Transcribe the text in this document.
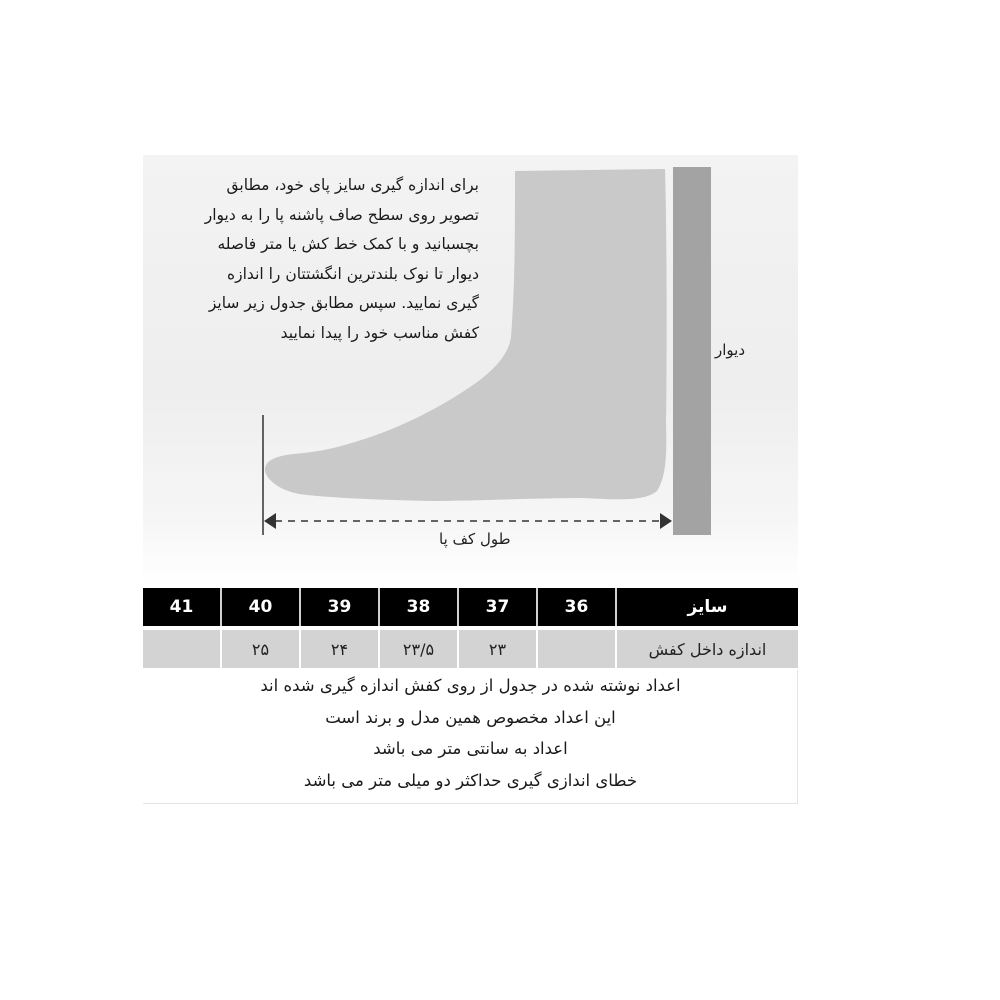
برای اندازه گیری سایز پای خود، مطابق
تصویر روی سطح صاف پاشنه پا را به دیوار
بچسبانید و با کمک خط کش یا متر فاصله
دیوار تا نوک بلندترین انگشتتان را اندازه
گیری نمایید. سپس مطابق جدول زیر سایز
کفش مناسب خود را پیدا نمایید
دیوار
طول کف پا
41	40	39	38	37	36	سایز
	۲۵	۲۴	۲۳/۵	۲۳		اندازه داخل کفش
اعداد نوشته شده در جدول از روی کفش اندازه گیری شده اند
این اعداد مخصوص همین مدل و برند است
اعداد به سانتی متر می باشد
خطای اندازی گیری حداکثر دو میلی متر می باشد
